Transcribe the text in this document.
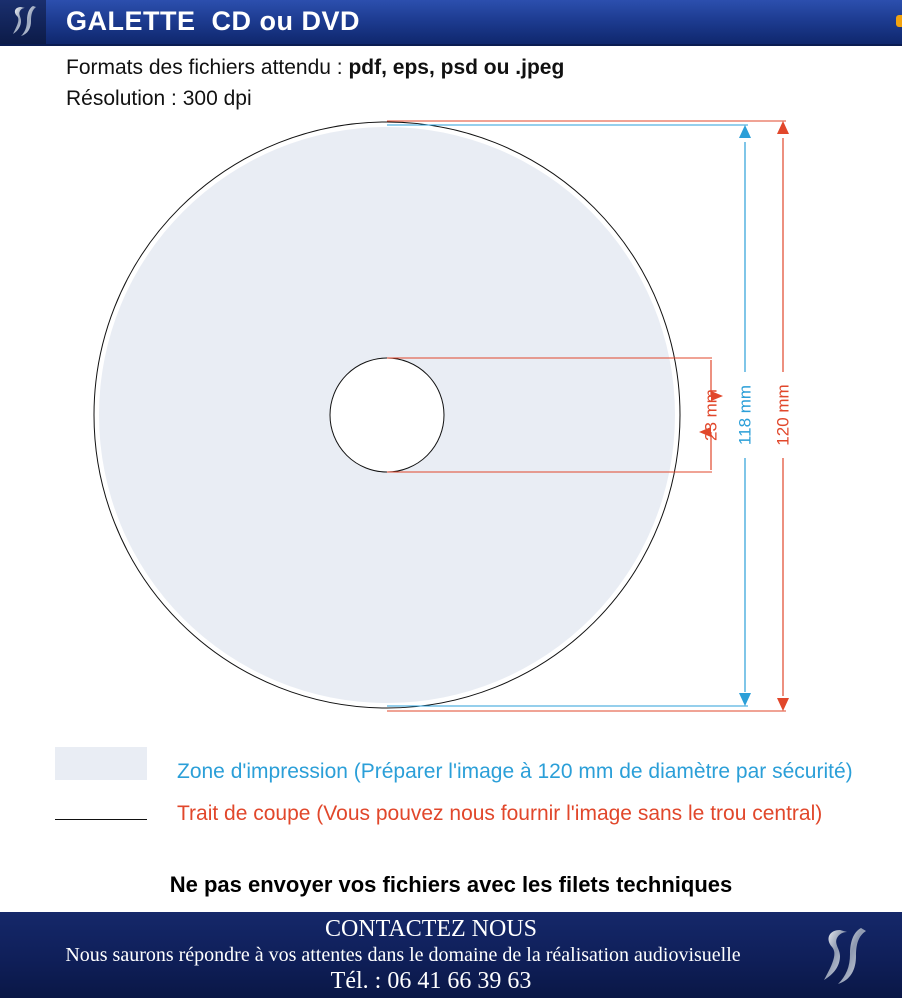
GALETTE  CD ou DVD
Formats des fichiers attendu : pdf, eps, psd ou .jpeg
Résolution : 300 dpi
23 mm 118 mm 120 mm
Zone d'impression (Préparer l'image à 120 mm de diamètre par sécurité)
Trait de coupe (Vous pouvez nous fournir l'image sans le trou central)
Ne pas envoyer vos fichiers avec les filets techniques
CONTACTEZ NOUS
Nous saurons répondre à vos attentes dans le domaine de la réalisation audiovisuelle
Tél. : 06 41 66 39 63
